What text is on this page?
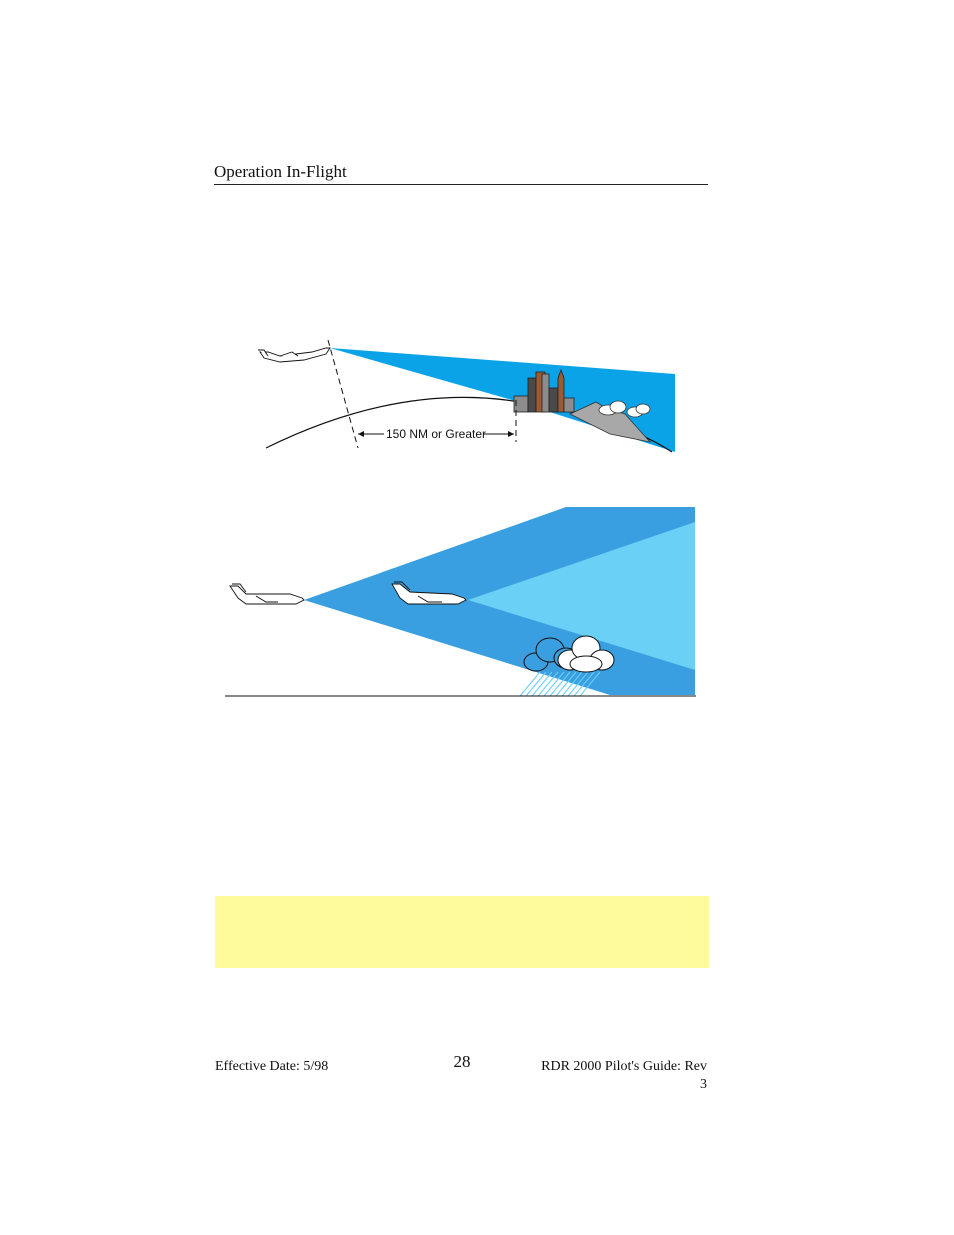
Operation In-Flight
150 NM or Greater
Effective Date: 5/98	28	RDR 2000 Pilot's Guide: Rev 3
